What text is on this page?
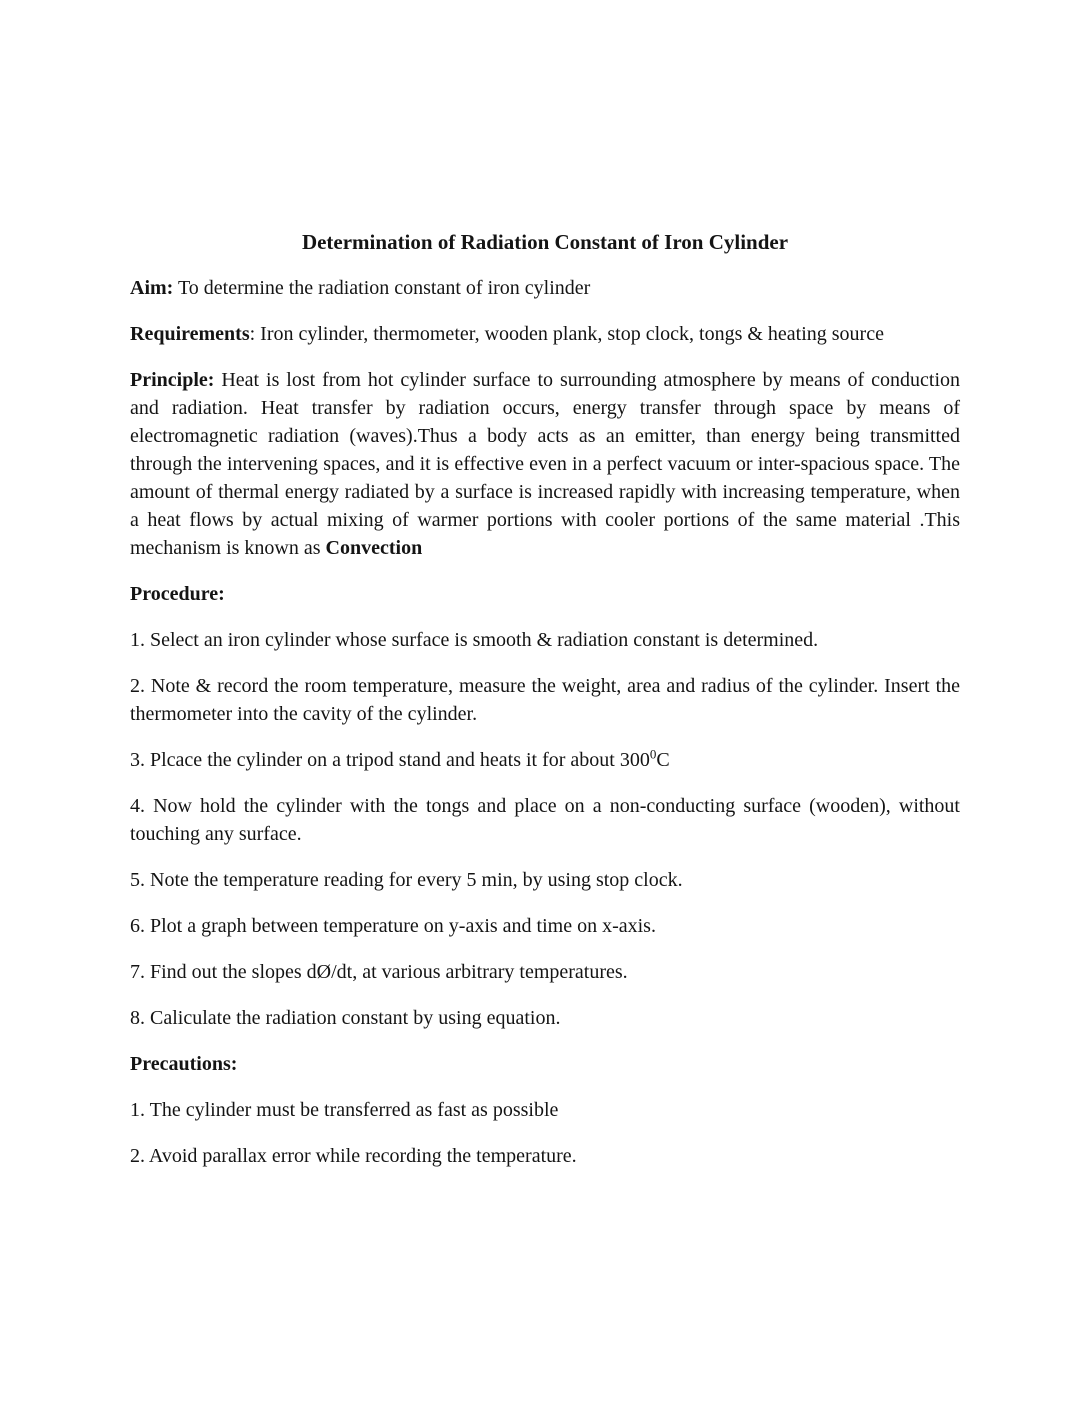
Determination of Radiation Constant of Iron Cylinder

Aim: To determine the radiation constant of iron cylinder

Requirements: Iron cylinder, thermometer, wooden plank, stop clock, tongs & heating source

Principle: Heat is lost from hot cylinder surface to surrounding atmosphere by means of conduction and radiation. Heat transfer by radiation occurs, energy transfer through space by means of electromagnetic radiation (waves).Thus a body acts as an emitter, than energy being transmitted through the intervening spaces, and it is effective even in a perfect vacuum or inter-spacious space. The amount of thermal energy radiated by a surface is increased rapidly with increasing temperature, when a heat flows by actual mixing of warmer portions with cooler portions of the same material .This mechanism is known as Convection

Procedure:

1. Select an iron cylinder whose surface is smooth & radiation constant is determined.

2. Note & record the room temperature, measure the weight, area and radius of the cylinder. Insert the thermometer into the cavity of the cylinder.

3. Plcace the cylinder on a tripod stand and heats it for about $300^0C$

4. Now hold the cylinder with the tongs and place on a non-conducting surface (wooden), without touching any surface.

5. Note the temperature reading for every 5 min, by using stop clock.

6. Plot a graph between temperature on y-axis and time on x-axis.

7. Find out the slopes dØ/dt, at various arbitrary temperatures.

8. Caliculate the radiation constant by using equation.

Precautions:

1. The cylinder must be transferred as fast as possible

2. Avoid parallax error while recording the temperature.
